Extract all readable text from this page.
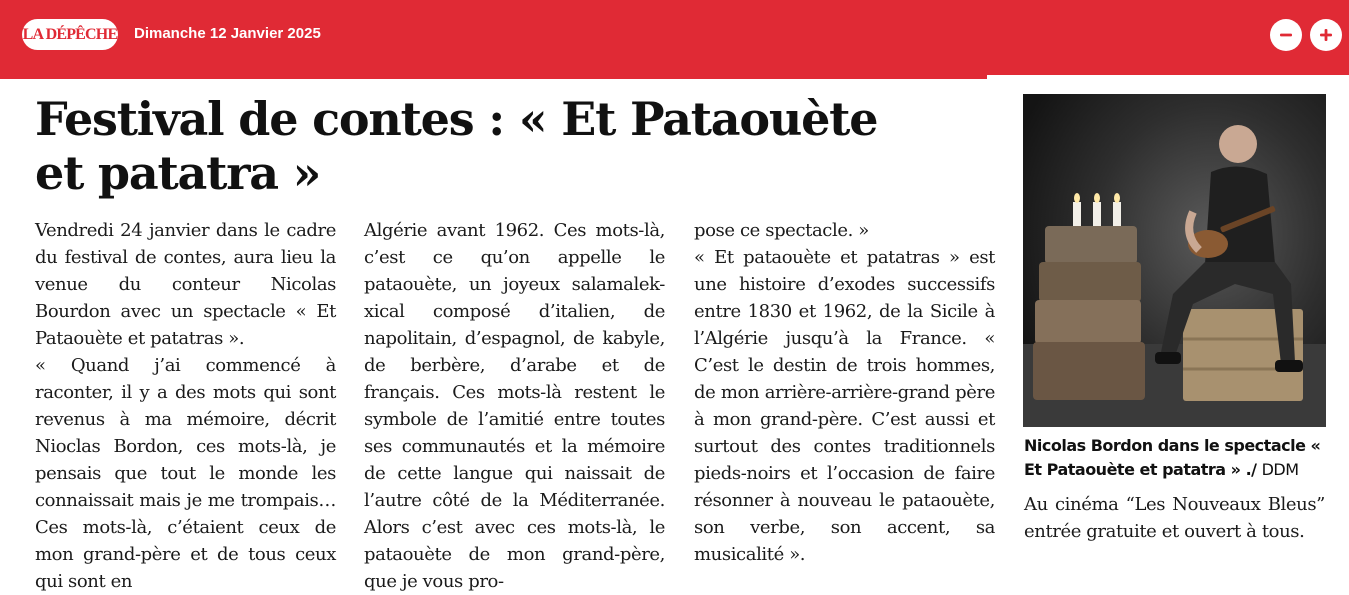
LA DÉPÊCHE Dimanche 12 Janvier 2025
Festival de contes : « Et Pataouète et patatra »

Vendredi 24 janvier dans le cadre du festival de contes, aura lieu la venue du conteur Nicolas Bourdon avec un spectacle « Et Pataouète et patatras ».

« Quand j’ai commencé à raconter, il y a des mots qui sont revenus à ma mémoire, décrit Nioclas Bordon, ces mots-là, je pensais que tout le monde les connaissait mais je me trompais… Ces mots-là, c’étaient ceux de mon grand-père et de tous ceux qui sont en

Algérie avant 1962. Ces mots-là, c’est ce qu’on appelle le pataouète, un joyeux salamalek-xical composé d’italien, de napolitain, d’espagnol, de kabyle, de berbère, d’arabe et de français. Ces mots-là restent le symbole de l’amitié entre toutes ses communautés et la mémoire de cette langue qui naissait de l’autre côté de la Méditerranée. Alors c’est avec ces mots-là, le pataouète de mon grand-père, que je vous pro-

pose ce spectacle. »

« Et pataouète et patatras » est une histoire d’exodes successifs entre 1830 et 1962, de la Sicile à l’Algérie jusqu’à la France. « C’est le destin de trois hommes, de mon arrière-arrière-grand père à mon grand-père. C’est aussi et surtout des contes traditionnels pieds-noirs et l’occasion de faire résonner à nouveau le pataouète, son verbe, son accent, sa musicalité ».

Nicolas Bordon dans le spectacle « Et Pataouète et patatra » ./ DDM
Au cinéma “Les Nouveaux Bleus” entrée gratuite et ouvert à tous.
